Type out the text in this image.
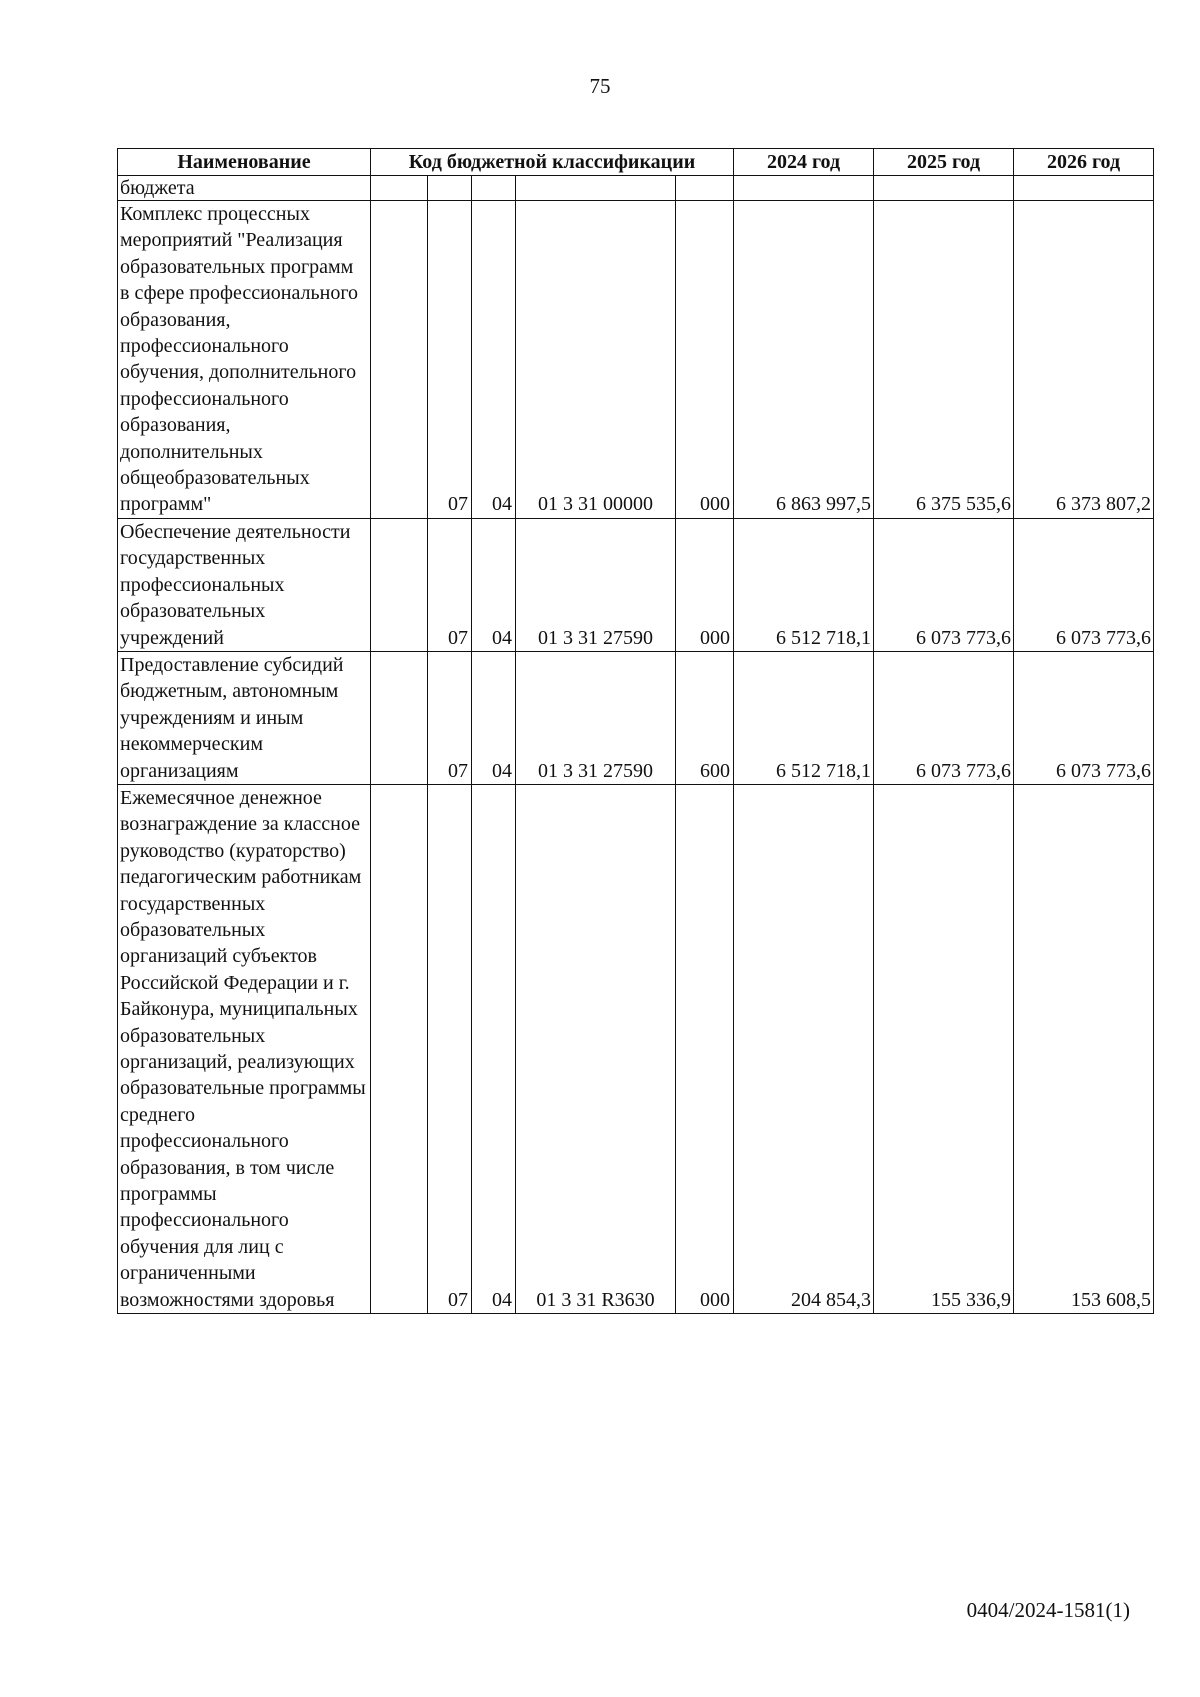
75
Наименование	Код бюджетной классификации					2024 год	2025 год	2026 год
бюджета								
Комплекс процессных мероприятий "Реализация образовательных программ в сфере профессионального образования, профессионального обучения, дополнительного профессионального образования, дополнительных общеобразовательных программ"		07	04	01 3 31 00000	000	6 863 997,5	6 375 535,6	6 373 807,2
Обеспечение деятельности государственных профессиональных образовательных учреждений		07	04	01 3 31 27590	000	6 512 718,1	6 073 773,6	6 073 773,6
Предоставление субсидий бюджетным, автономным учреждениям и иным некоммерческим организациям		07	04	01 3 31 27590	600	6 512 718,1	6 073 773,6	6 073 773,6
Ежемесячное денежное вознаграждение за классное руководство (кураторство) педагогическим работникам государственных образовательных организаций субъектов Российской Федерации и г. Байконура, муниципальных образовательных организаций, реализующих образовательные программы среднего профессионального образования, в том числе программы профессионального обучения для лиц с ограниченными возможностями здоровья		07	04	01 3 31 R3630	000	204 854,3	155 336,9	153 608,5
0404/2024-1581(1)
